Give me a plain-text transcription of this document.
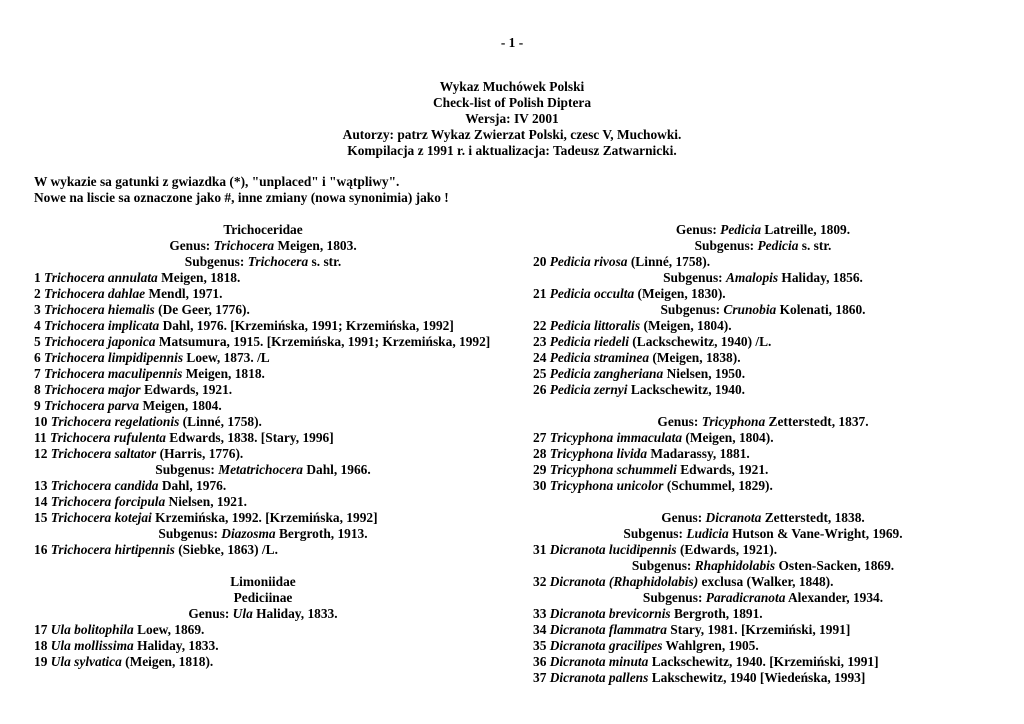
- 1 -
Wykaz Muchówek Polski
Check-list of Polish Diptera
Wersja: IV 2001
Autorzy: patrz Wykaz Zwierzat Polski, czesc V, Muchowki.
Kompilacja z 1991 r. i aktualizacja: Tadeusz Zatwarnicki.
W wykazie sa gatunki z gwiazdka (*), "unplaced" i "wątpliwy".
Nowe na liscie sa oznaczone jako #, inne zmiany (nowa synonimia) jako !
Trichoceridae
Genus: Trichocera Meigen, 1803.
Subgenus: Trichocera s. str.
1 Trichocera annulata Meigen, 1818.
2 Trichocera dahlae Mendl, 1971.
3 Trichocera hiemalis (De Geer, 1776).
4 Trichocera implicata Dahl, 1976. [Krzemińska, 1991; Krzemińska, 1992]
5 Trichocera japonica Matsumura, 1915. [Krzemińska, 1991; Krzemińska, 1992]
6 Trichocera limpidipennis Loew, 1873. /L
7 Trichocera maculipennis Meigen, 1818.
8 Trichocera major Edwards, 1921.
9 Trichocera parva Meigen, 1804.
10 Trichocera regelationis (Linné, 1758).
11 Trichocera rufulenta Edwards, 1838. [Stary, 1996]
12 Trichocera saltator (Harris, 1776).
Subgenus: Metatrichocera Dahl, 1966.
13 Trichocera candida Dahl, 1976.
14 Trichocera forcipula Nielsen, 1921.
15 Trichocera kotejai Krzemińska, 1992. [Krzemińska, 1992]
Subgenus: Diazosma Bergroth, 1913.
16 Trichocera hirtipennis (Siebke, 1863) /L.
Limoniidae
Pediciinae
Genus: Ula Haliday, 1833.
17 Ula bolitophila Loew, 1869.
18 Ula mollissima Haliday, 1833.
19 Ula sylvatica (Meigen, 1818).
Genus: Pedicia Latreille, 1809.
Subgenus: Pedicia s. str.
20 Pedicia rivosa (Linné, 1758).
Subgenus: Amalopis Haliday, 1856.
21 Pedicia occulta (Meigen, 1830).
Subgenus: Crunobia Kolenati, 1860.
22 Pedicia littoralis (Meigen, 1804).
23 Pedicia riedeli (Lackschewitz, 1940) /L.
24 Pedicia straminea (Meigen, 1838).
25 Pedicia zangheriana Nielsen, 1950.
26 Pedicia zernyi Lackschewitz, 1940.
Genus: Tricyphona Zetterstedt, 1837.
27 Tricyphona immaculata (Meigen, 1804).
28 Tricyphona livida Madarassy, 1881.
29 Tricyphona schummeli Edwards, 1921.
30 Tricyphona unicolor (Schummel, 1829).
Genus: Dicranota Zetterstedt, 1838.
Subgenus: Ludicia Hutson & Vane-Wright, 1969.
31 Dicranota lucidipennis (Edwards, 1921).
Subgenus: Rhaphidolabis Osten-Sacken, 1869.
32 Dicranota (Rhaphidolabis) exclusa (Walker, 1848).
Subgenus: Paradicranota Alexander, 1934.
33 Dicranota brevicornis Bergroth, 1891.
34 Dicranota flammatra Stary, 1981. [Krzemiński, 1991]
35 Dicranota gracilipes Wahlgren, 1905.
36 Dicranota minuta Lackschewitz, 1940. [Krzemiński, 1991]
37 Dicranota pallens Lakschewitz, 1940 [Wiedeńska, 1993]
